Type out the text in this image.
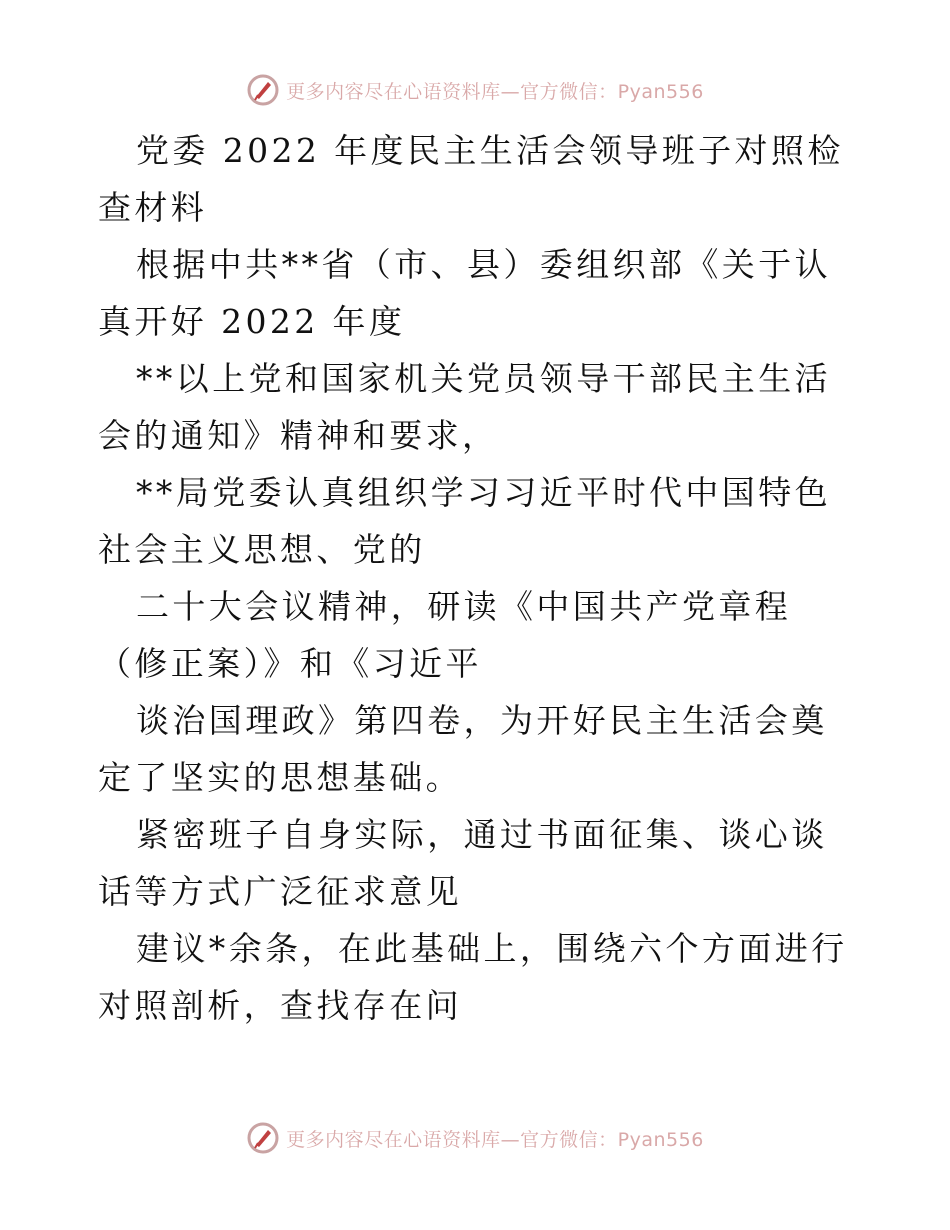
更多内容尽在心语资料库—官方微信：Pyan556

党委 2022 年度民主生活会领导班子对照检查材料

根据中共**省（市、县）委组织部《关于认真开好 2022 年度

**以上党和国家机关党员领导干部民主生活会的通知》精神和要求，

**局党委认真组织学习习近平时代中国特色社会主义思想、党的

二十大会议精神，研读《中国共产党章程（修正案）》和《习近平

谈治国理政》第四卷，为开好民主生活会奠定了坚实的思想基础。

紧密班子自身实际，通过书面征集、谈心谈话等方式广泛征求意见

建议*余条，在此基础上，围绕六个方面进行对照剖析，查找存在问

更多内容尽在心语资料库—官方微信：Pyan556
